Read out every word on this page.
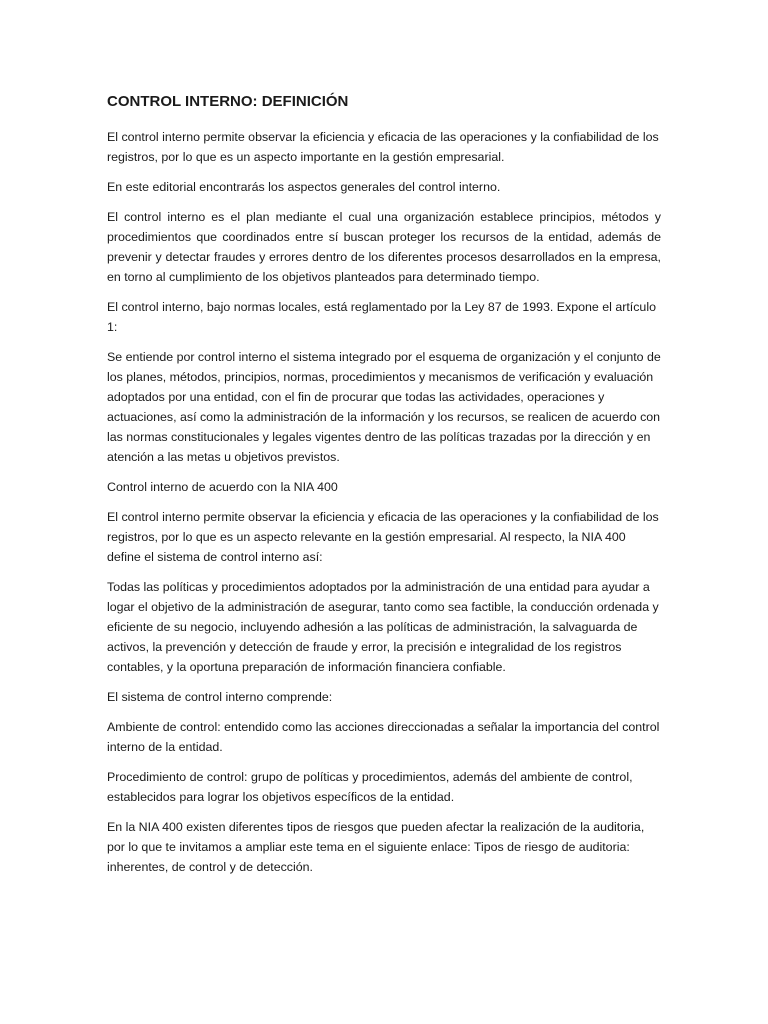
CONTROL INTERNO: DEFINICIÓN

El control interno permite observar la eficiencia y eficacia de las operaciones y la confiabilidad de los registros, por lo que es un aspecto importante en la gestión empresarial.

En este editorial encontrarás los aspectos generales del control interno.

El control interno es el plan mediante el cual una organización establece principios, métodos y procedimientos que coordinados entre sí buscan proteger los recursos de la entidad, además de prevenir y detectar fraudes y errores dentro de los diferentes procesos desarrollados en la empresa, en torno al cumplimiento de los objetivos planteados para determinado tiempo.

El control interno, bajo normas locales, está reglamentado por la Ley 87 de 1993. Expone el artículo 1:

Se entiende por control interno el sistema integrado por el esquema de organización y el conjunto de los planes, métodos, principios, normas, procedimientos y mecanismos de verificación y evaluación adoptados por una entidad, con el fin de procurar que todas las actividades, operaciones y actuaciones, así como la administración de la información y los recursos, se realicen de acuerdo con las normas constitucionales y legales vigentes dentro de las políticas trazadas por la dirección y en atención a las metas u objetivos previstos.

Control interno de acuerdo con la NIA 400

El control interno permite observar la eficiencia y eficacia de las operaciones y la confiabilidad de los registros, por lo que es un aspecto relevante en la gestión empresarial. Al respecto, la NIA 400 define el sistema de control interno así:

Todas las políticas y procedimientos adoptados por la administración de una entidad para ayudar a logar el objetivo de la administración de asegurar, tanto como sea factible, la conducción ordenada y eficiente de su negocio, incluyendo adhesión a las políticas de administración, la salvaguarda de activos, la prevención y detección de fraude y error, la precisión e integralidad de los registros contables, y la oportuna preparación de información financiera confiable.

El sistema de control interno comprende:

Ambiente de control: entendido como las acciones direccionadas a señalar la importancia del control interno de la entidad.

Procedimiento de control: grupo de políticas y procedimientos, además del ambiente de control, establecidos para lograr los objetivos específicos de la entidad.

En la NIA 400 existen diferentes tipos de riesgos que pueden afectar la realización de la auditoria, por lo que te invitamos a ampliar este tema en el siguiente enlace: Tipos de riesgo de auditoria: inherentes, de control y de detección.
